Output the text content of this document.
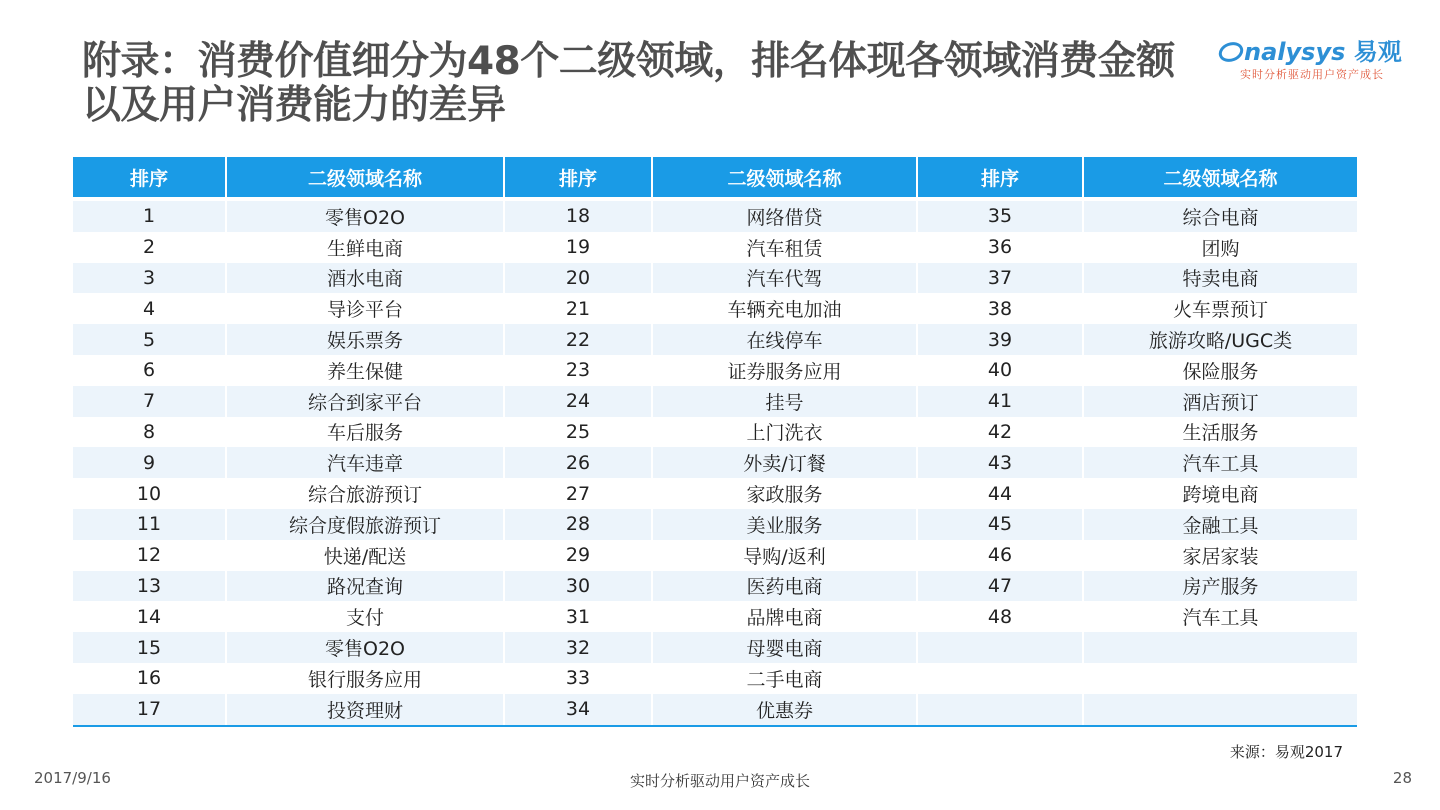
附录：消费价值细分为48个二级领域，排名体现各领域消费金额以及用户消费能力的差异
nalysys 易观
实时分析驱动用户资产成长
排序	二级领域名称	排序	二级领域名称	排序	二级领域名称
1	零售O2O	18	网络借贷	35	综合电商
2	生鲜电商	19	汽车租赁	36	团购
3	酒水电商	20	汽车代驾	37	特卖电商
4	导诊平台	21	车辆充电加油	38	火车票预订
5	娱乐票务	22	在线停车	39	旅游攻略/UGC类
6	养生保健	23	证券服务应用	40	保险服务
7	综合到家平台	24	挂号	41	酒店预订
8	车后服务	25	上门洗衣	42	生活服务
9	汽车违章	26	外卖/订餐	43	汽车工具
10	综合旅游预订	27	家政服务	44	跨境电商
11	综合度假旅游预订	28	美业服务	45	金融工具
12	快递/配送	29	导购/返利	46	家居家装
13	路况查询	30	医药电商	47	房产服务
14	支付	31	品牌电商	48	汽车工具
15	零售O2O	32	母婴电商		
16	银行服务应用	33	二手电商		
17	投资理财	34	优惠券		
来源：易观2017
2017/9/16	实时分析驱动用户资产成长	28
